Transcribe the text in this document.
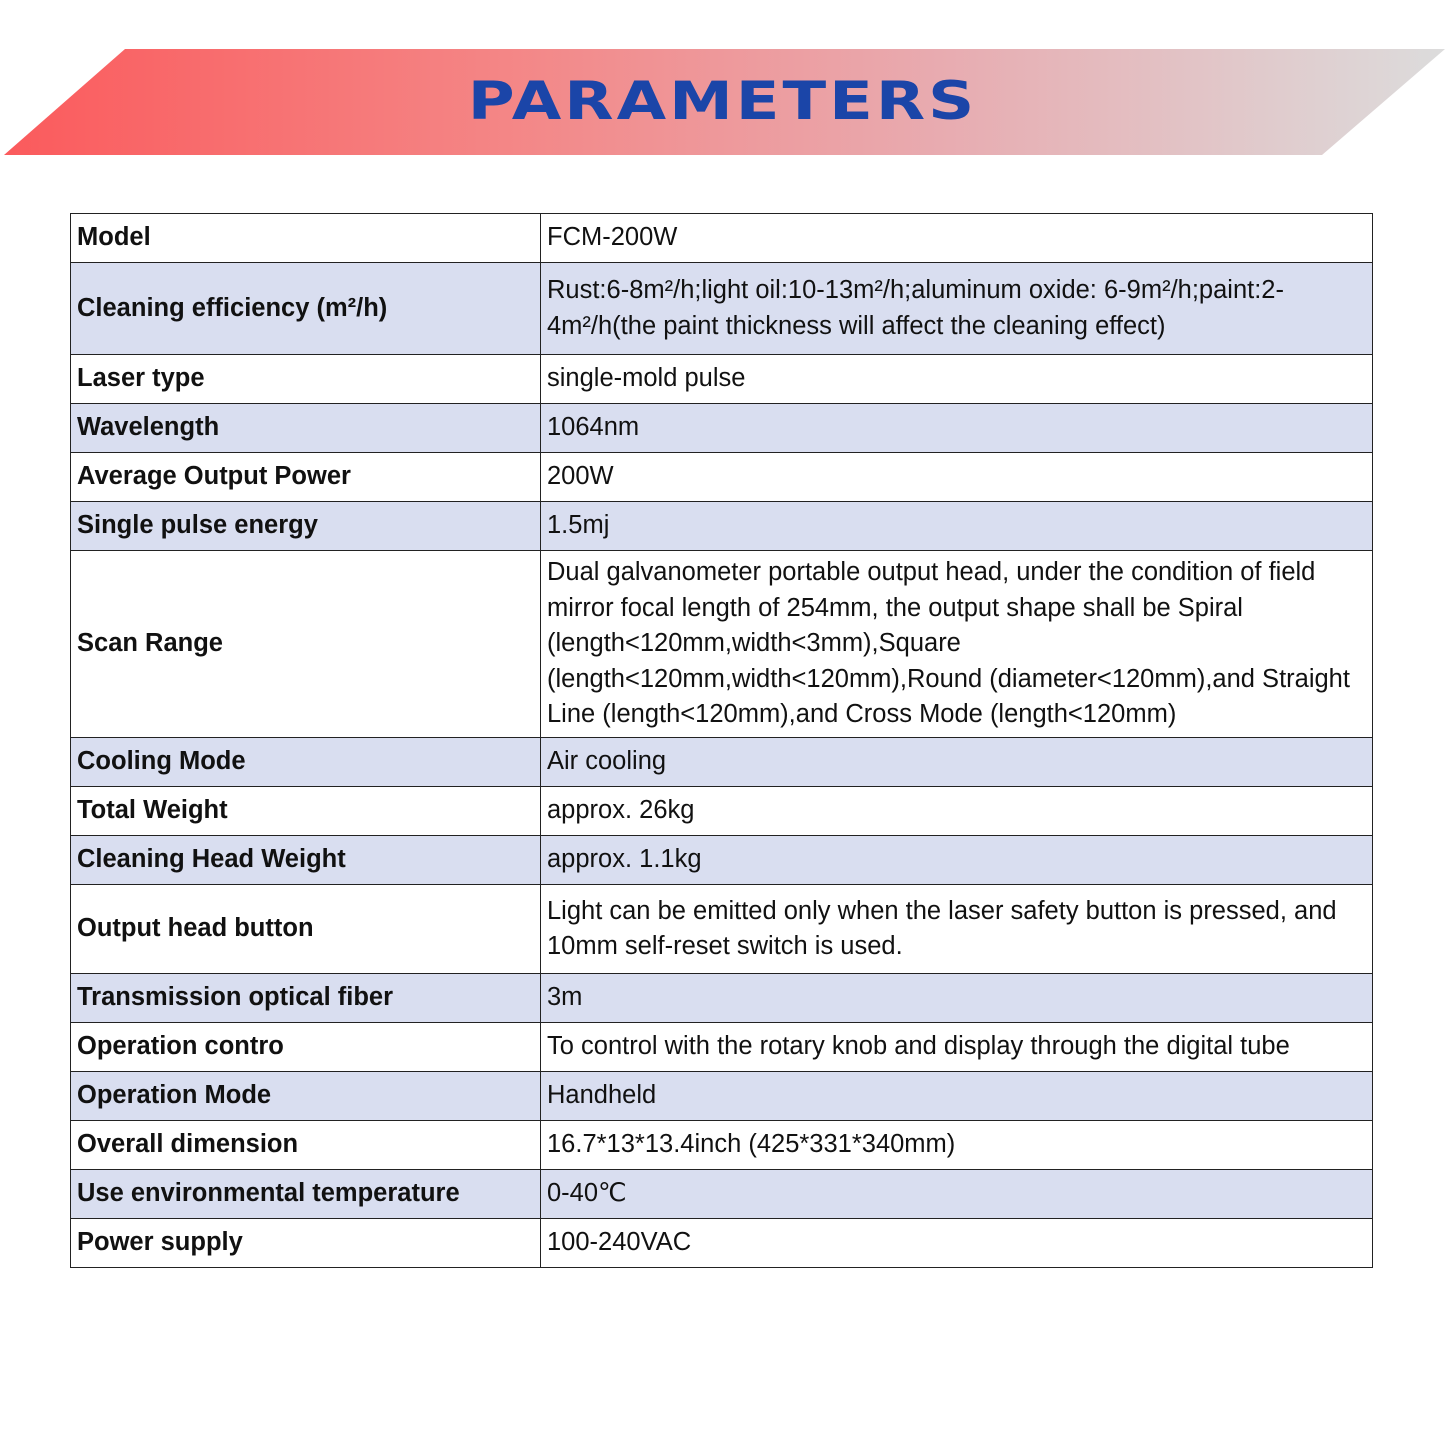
PARAMETERS
Model	FCM-200W
Cleaning efficiency (m²/h)	Rust:6-8m²/h;light oil:10-13m²/h;aluminum oxide: 6-9m²/h;paint:2-4m²/h(the paint thickness will affect the cleaning effect)
Laser type	single-mold pulse
Wavelength	1064nm
Average Output Power	200W
Single pulse energy	1.5mj
Scan Range	Dual galvanometer portable output head, under the condition of field mirror focal length of 254mm, the output shape shall be Spiral (length<120mm,width<3mm),Square (length<120mm,width<120mm),Round (diameter<120mm),and Straight Line (length<120mm),and Cross Mode (length<120mm)
Cooling Mode	Air cooling
Total Weight	approx. 26kg
Cleaning Head Weight	approx. 1.1kg
Output head button	Light can be emitted only when the laser safety button is pressed, and 10mm self-reset switch is used.
Transmission optical fiber	3m
Operation contro	To control with the rotary knob and display through the digital tube
Operation Mode	Handheld
Overall dimension	16.7*13*13.4inch (425*331*340mm)
Use environmental temperature	0-40℃
Power supply	100-240VAC
